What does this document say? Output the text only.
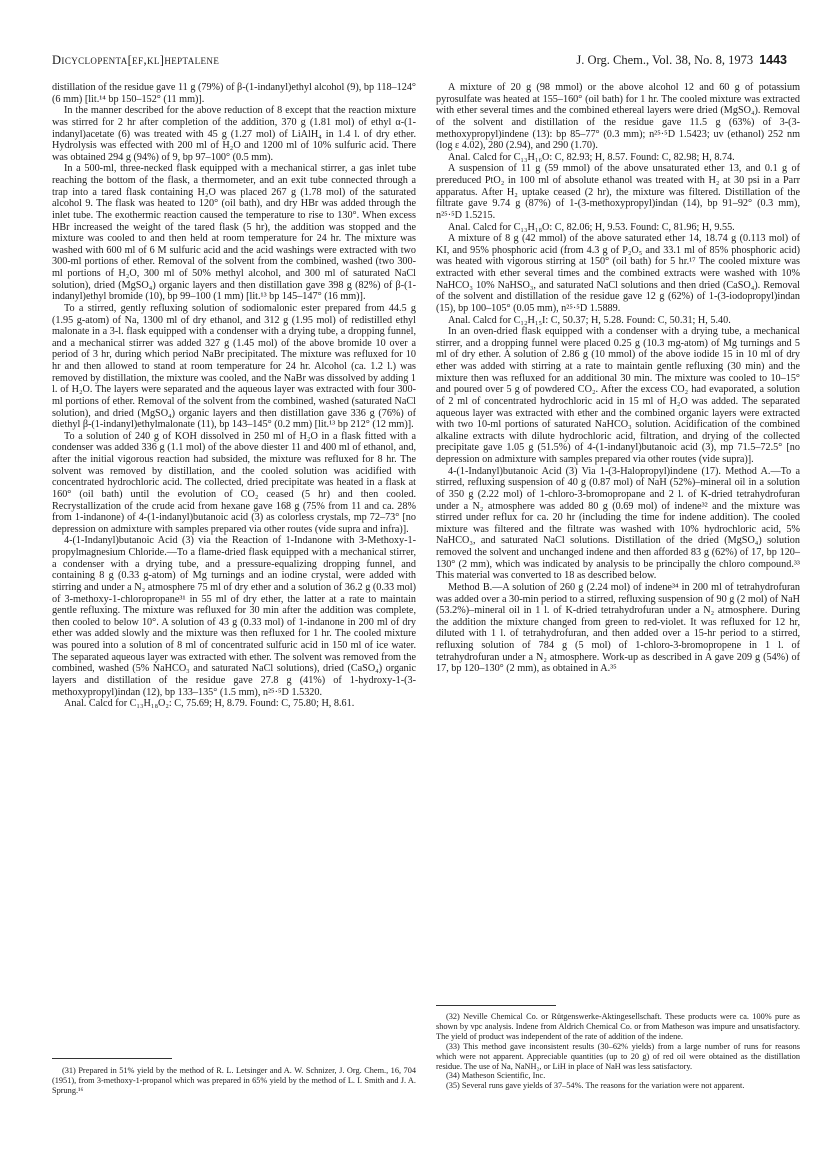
Dicyclopenta[ef,kl]heptalene	J. Org. Chem., Vol. 38, No. 8, 1973 1443

distillation of the residue gave 11 g (79%) of β-(1-indanyl)ethyl alcohol (9), bp 118–124° (6 mm) [lit.¹⁴ bp 150–152° (11 mm)].

In the manner described for the above reduction of 8 except that the reaction mixture was stirred for 2 hr after completion of the addition, 370 g (1.81 mol) of ethyl α-(1-indanyl)acetate (6) was treated with 45 g (1.27 mol) of LiAlH₄ in 1.4 l. of dry ether. Hydrolysis was effected with 200 ml of H₂O and 1200 ml of 10% sulfuric acid. There was obtained 294 g (94%) of 9, bp 97–100° (0.5 mm).

In a 500-ml, three-necked flask equipped with a mechanical stirrer, a gas inlet tube reaching the bottom of the flask, a thermometer, and an exit tube connected through a trap into a tared flask containing H₂O was placed 267 g (1.78 mol) of the saturated alcohol 9. The flask was heated to 120° (oil bath), and dry HBr was added through the inlet tube. The exothermic reaction caused the temperature to rise to 130°. When excess HBr increased the weight of the tared flask (5 hr), the addition was stopped and the mixture was cooled to and then held at room temperature for 24 hr. The mixture was washed with 600 ml of 6 M sulfuric acid and the acid washings were extracted with two 300-ml portions of ether. Removal of the solvent from the combined, washed (two 300-ml portions of H₂O, 300 ml of 50% methyl alcohol, and 300 ml of saturated NaCl solution), dried (MgSO₄) organic layers and then distillation gave 398 g (82%) of β-(1-indanyl)ethyl bromide (10), bp 99–100 (1 mm) [lit.¹³ bp 145–147° (16 mm)].

To a stirred, gently refluxing solution of sodiomalonic ester prepared from 44.5 g (1.95 g-atom) of Na, 1300 ml of dry ethanol, and 312 g (1.95 mol) of redistilled ethyl malonate in a 3-l. flask equipped with a condenser with a drying tube, a dropping funnel, and a mechanical stirrer was added 327 g (1.45 mol) of the above bromide 10 over a period of 3 hr, during which period NaBr precipitated. The mixture was refluxed for 10 hr and then allowed to stand at room temperature for 24 hr. Alcohol (ca. 1.2 l.) was removed by distillation, the mixture was cooled, and the NaBr was dissolved by adding 1 l. of H₂O. The layers were separated and the aqueous layer was extracted with four 300-ml portions of ether. Removal of the solvent from the combined, washed (saturated NaCl solution), and dried (MgSO₄) organic layers and then distillation gave 336 g (76%) of diethyl β-(1-indanyl)ethylmalonate (11), bp 143–145° (0.2 mm) [lit.¹³ bp 212° (12 mm)].

To a solution of 240 g of KOH dissolved in 250 ml of H₂O in a flask fitted with a condenser was added 336 g (1.1 mol) of the above diester 11 and 400 ml of ethanol, and, after the initial vigorous reaction had subsided, the mixture was refluxed for 8 hr. The solvent was removed by distillation, and the cooled solution was acidified with concentrated hydrochloric acid. The collected, dried precipitate was heated in a flask at 160° (oil bath) until the evolution of CO₂ ceased (5 hr) and then cooled. Recrystallization of the crude acid from hexane gave 168 g (75% from 11 and ca. 28% from 1-indanone) of 4-(1-indanyl)butanoic acid (3) as colorless crystals, mp 72–73° [no depression on admixture with samples prepared via other routes (vide supra and infra)].

4-(1-Indanyl)butanoic Acid (3) via the Reaction of 1-Indanone with 3-Methoxy-1-propylmagnesium Chloride.—To a flame-dried flask equipped with a mechanical stirrer, a condenser with a drying tube, and a pressure-equalizing dropping funnel, and containing 8 g (0.33 g-atom) of Mg turnings and an iodine crystal, were added with stirring and under a N₂ atmosphere 75 ml of dry ether and a solution of 36.2 g (0.33 mol) of 3-methoxy-1-chloropropane³¹ in 55 ml of dry ether, the latter at a rate to maintain gentle refluxing. The mixture was refluxed for 30 min after the addition was complete, then cooled to below 10°. A solution of 43 g (0.33 mol) of 1-indanone in 200 ml of dry ether was added slowly and the mixture was then refluxed for 1 hr. The cooled mixture was poured into a solution of 8 ml of concentrated sulfuric acid in 150 ml of ice water. The separated aqueous layer was extracted with ether. The solvent was removed from the combined, washed (5% NaHCO₃ and saturated NaCl solutions), dried (CaSO₄) organic layers and distillation of the residue gave 27.8 g (41%) of 1-hydroxy-1-(3-methoxypropyl)indan (12), bp 133–135° (1.5 mm), n²⁵·⁵D 1.5320.

Anal. Calcd for C₁₃H₁₈O₂: C, 75.69; H, 8.79. Found: C, 75.80; H, 8.61.

A mixture of 20 g (98 mmol) or the above alcohol 12 and 60 g of potassium pyrosulfate was heated at 155–160° (oil bath) for 1 hr. The cooled mixture was extracted with ether several times and the combined ethereal layers were dried (MgSO₄). Removal of the solvent and distillation of the residue gave 11.5 g (63%) of 3-(3-methoxypropyl)indene (13): bp 85–77° (0.3 mm); n²⁵·⁵D 1.5423; uv (ethanol) 252 nm (log ε 4.02), 280 (2.94), and 290 (1.70).

Anal. Calcd for C₁₃H₁₆O: C, 82.93; H, 8.57. Found: C, 82.98; H, 8.74.

A suspension of 11 g (59 mmol) of the above unsaturated ether 13, and 0.1 g of prereduced PtO₂ in 100 ml of absolute ethanol was treated with H₂ at 30 psi in a Parr apparatus. After H₂ uptake ceased (2 hr), the mixture was filtered. Distillation of the filtrate gave 9.74 g (87%) of 1-(3-methoxypropyl)indan (14), bp 91–92° (0.3 mm), n²⁵·⁵D 1.5215.

Anal. Calcd for C₁₃H₁₈O: C, 82.06; H, 9.53. Found: C, 81.96; H, 9.55.

A mixture of 8 g (42 mmol) of the above saturated ether 14, 18.74 g (0.113 mol) of KI, and 95% phosphoric acid (from 4.3 g of P₂O₅ and 33.1 ml of 85% phosphoric acid) was heated with vigorous stirring at 150° (oil bath) for 5 hr.¹⁷ The cooled mixture was extracted with ether several times and the combined extracts were washed with 10% NaHCO₃ 10% NaHSO₃, and saturated NaCl solutions and then dried (CaSO₄). Removal of the solvent and distillation of the residue gave 12 g (62%) of 1-(3-iodopropyl)indan (15), bp 100–105° (0.05 mm), n²⁵·⁵D 1.5889.

Anal. Calcd for C₁₂H₁₅I: C, 50.37; H, 5.28. Found: C, 50.31; H, 5.40.

In an oven-dried flask equipped with a condenser with a drying tube, a mechanical stirrer, and a dropping funnel were placed 0.25 g (10.3 mg-atom) of Mg turnings and 5 ml of dry ether. A solution of 2.86 g (10 mmol) of the above iodide 15 in 10 ml of dry ether was added with stirring at a rate to maintain gentle refluxing (30 min) and the mixture then was refluxed for an additional 30 min. The mixture was cooled to 10–15° and poured over 5 g of powdered CO₂. After the excess CO₂ had evaporated, a solution of 2 ml of concentrated hydrochloric acid in 15 ml of H₂O was added. The separated aqueous layer was extracted with ether and the combined organic layers were extracted with two 10-ml portions of saturated NaHCO₃ solution. Acidification of the combined alkaline extracts with dilute hydrochloric acid, filtration, and drying of the collected precipitate gave 1.05 g (51.5%) of 4-(1-indanyl)butanoic acid (3), mp 71.5–72.5° [no depression on admixture with samples prepared via other routes (vide supra)].

4-(1-Indanyl)butanoic Acid (3) Via 1-(3-Halopropyl)indene (17). Method A.—To a stirred, refluxing suspension of 40 g (0.87 mol) of NaH (52%)–mineral oil in a solution of 350 g (2.22 mol) of 1-chloro-3-bromopropane and 2 l. of K-dried tetrahydrofuran under a N₂ atmosphere was added 80 g (0.69 mol) of indene³² and the mixture was stirred under reflux for ca. 20 hr (including the time for indene addition). The cooled mixture was filtered and the filtrate was washed with 10% hydrochloric acid, 5% NaHCO₃, and saturated NaCl solutions. Distillation of the dried (MgSO₄) solution removed the solvent and unchanged indene and then afforded 83 g (62%) of 17, bp 120–130° (2 mm), which was indicated by analysis to be principally the chloro compound.³³ This material was converted to 18 as described below.

Method B.—A solution of 260 g (2.24 mol) of indene³⁴ in 200 ml of tetrahydrofuran was added over a 30-min period to a stirred, refluxing suspension of 90 g (2 mol) of NaH (53.2%)–mineral oil in 1 l. of K-dried tetrahydrofuran under a N₂ atmosphere. During the addition the mixture changed from green to red-violet. It was refluxed for 12 hr, diluted with 1 l. of tetrahydrofuran, and then added over a 15-hr period to a stirred, refluxing solution of 784 g (5 mol) of 1-chloro-3-bromopropene in 1 l. of tetrahydrofuran under a N₂ atmosphere. Work-up as described in A gave 209 g (54%) of 17, bp 120–130° (2 mm), as obtained in A.³⁵

(31) Prepared in 51% yield by the method of R. L. Letsinger and A. W. Schnizer, J. Org. Chem., 16, 704 (1951), from 3-methoxy-1-propanol which was prepared in 65% yield by the method of L. I. Smith and J. A. Sprung.¹⁶

(32) Neville Chemical Co. or Rütgenswerke-Aktingesellschaft. These products were ca. 100% pure as shown by vpc analysis. Indene from Aldrich Chemical Co. or from Matheson was impure and unsatisfactory. The yield of product was independent of the rate of addition of the indene.

(33) This method gave inconsistent results (30–62% yields) from a large number of runs for reasons which were not apparent. Appreciable quantities (up to 20 g) of red oil were obtained as the distillation residue. The use of Na, NaNH₂, or LiH in place of NaH was less satisfactory.

(34) Matheson Scientific, Inc.

(35) Several runs gave yields of 37–54%. The reasons for the variation were not apparent.
